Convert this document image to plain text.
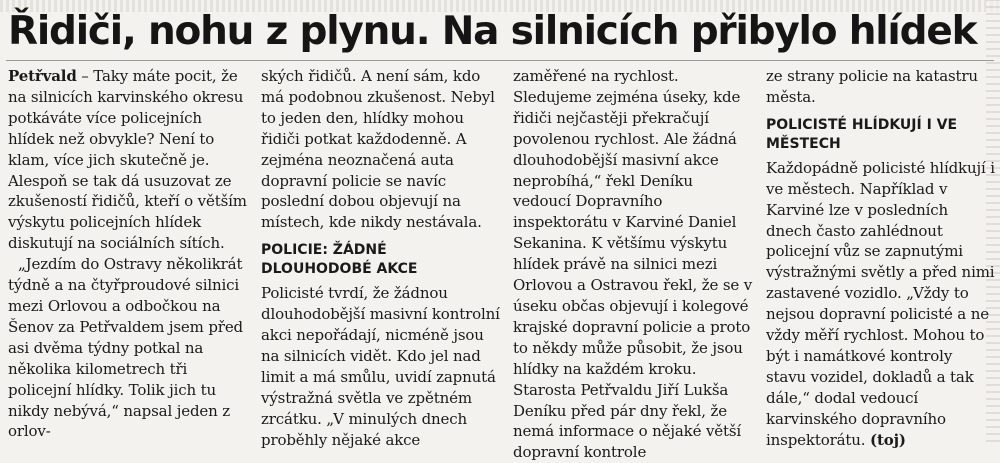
Řidiči, nohu z plynu. Na silnicích přibylo hlídek

Petřvald – Taky máte pocit, že na silnicích karvinského okresu potkáváte více policejních hlídek než obvykle? Není to klam, více jich skutečně je. Alespoň se tak dá usuzovat ze zkušeností řidičů, kteří o větším výskytu policejních hlídek diskutují na sociálních sítích.

„Jezdím do Ostravy několikrát týdně a na čtyřproudové silnici mezi Orlovou a odbočkou na Šenov za Petřvaldem jsem před asi dvěma týdny potkal na několika kilometrech tři policejní hlídky. Tolik jich tu nikdy nebývá,“ napsal jeden z orlov-

ských řidičů. A není sám, kdo má podobnou zkušenost. Nebyl to jeden den, hlídky mohou řidiči potkat každodenně. A zejména neoznačená auta dopravní policie se navíc poslední dobou objevují na místech, kde nikdy nestávala.

POLICIE: ŽÁDNÉ DLOUHODOBÉ AKCE

Policisté tvrdí, že žádnou dlouhodobější masivní kontrolní akci nepořádají, nicméně jsou na silnicích vidět. Kdo jel nad limit a má smůlu, uvidí zapnutá výstražná světla ve zpětném zrcátku. „V minulých dnech proběhly nějaké akce

zaměřené na rychlost. Sledujeme zejména úseky, kde řidiči nejčastěji překračují povolenou rychlost. Ale žádná dlouhodobější masivní akce neprobíhá,“ řekl Deníku vedoucí Dopravního inspektorátu v Karviné Daniel Sekanina. K většímu výskytu hlídek právě na silnici mezi Orlovou a Ostravou řekl, že se v úseku občas objevují i kolegové krajské dopravní policie a proto to někdy může působit, že jsou hlídky na každém kroku. Starosta Petřvaldu Jiří Lukša Deníku před pár dny řekl, že nemá informace o nějaké větší dopravní kontrole

ze strany policie na katastru města.

POLICISTÉ HLÍDKUJÍ I VE MĚSTECH

Každopádně policisté hlídkují i ve městech. Například v Karviné lze v posledních dnech často zahlédnout policejní vůz se zapnutými výstražnými světly a před nimi zastavené vozidlo. „Vždy to nejsou dopravní policisté a ne vždy měří rychlost. Mohou to být i namátkové kontroly stavu vozidel, dokladů a tak dále,“ dodal vedoucí karvinského dopravního inspektorátu. (toj)
